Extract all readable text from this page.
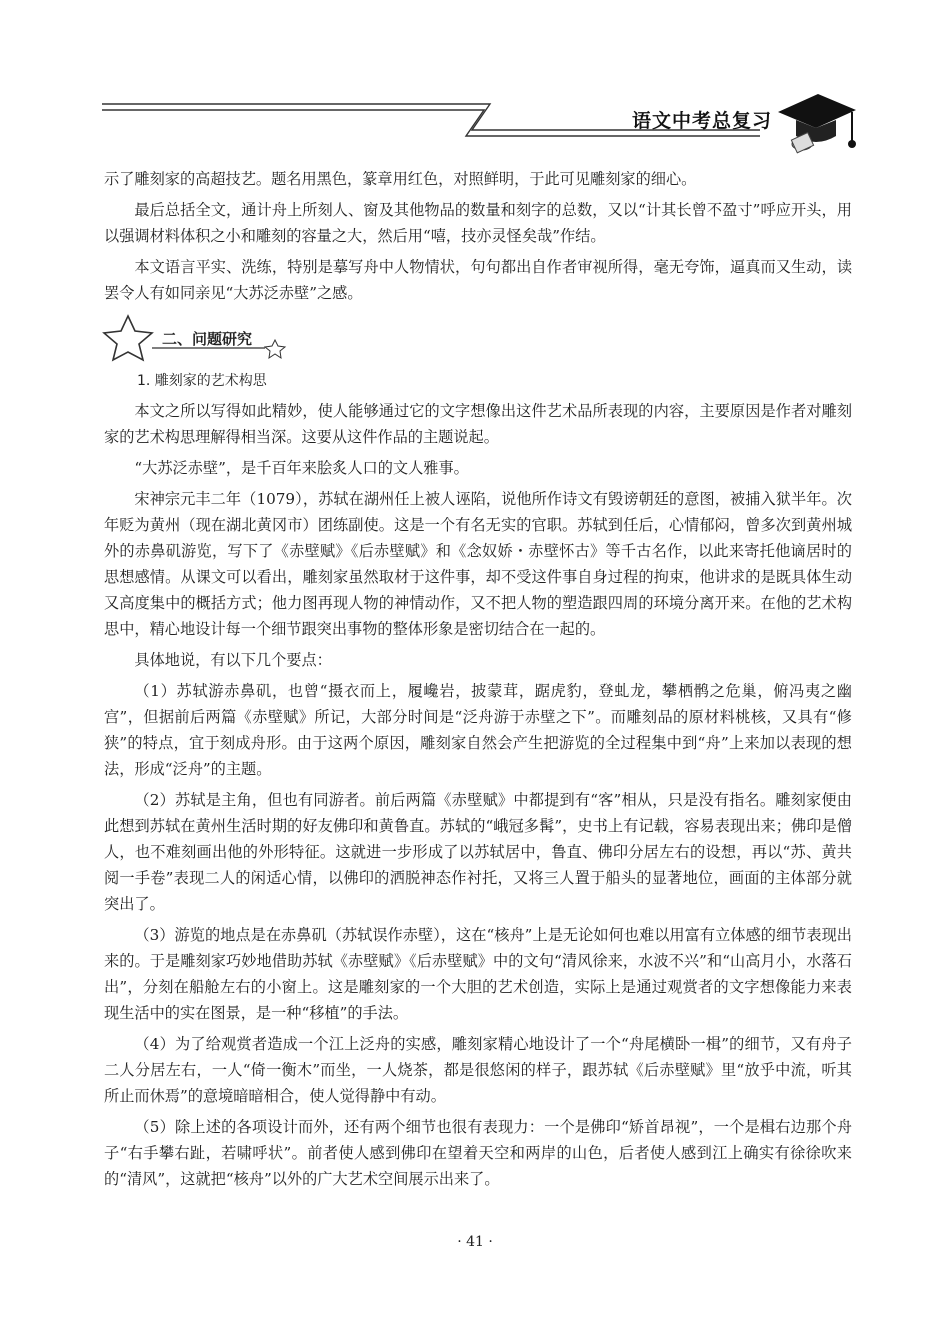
语文中考总复习

示了雕刻家的高超技艺。题名用黑色，篆章用红色，对照鲜明，于此可见雕刻家的细心。

最后总括全文，通计舟上所刻人、窗及其他物品的数量和刻字的总数，又以“计其长曾不盈寸”呼应开头，用以强调材料体积之小和雕刻的容量之大，然后用“嘻，技亦灵怪矣哉”作结。

本文语言平实、洗练，特别是摹写舟中人物情状，句句都出自作者审视所得，毫无夸饰，逼真而又生动，读罢令人有如同亲见“大苏泛赤壁”之感。

二、问题研究

1. 雕刻家的艺术构思

本文之所以写得如此精妙，使人能够通过它的文字想像出这件艺术品所表现的内容，主要原因是作者对雕刻家的艺术构思理解得相当深。这要从这件作品的主题说起。

“大苏泛赤壁”，是千百年来脍炙人口的文人雅事。

宋神宗元丰二年（1079），苏轼在湖州任上被人诬陷，说他所作诗文有毁谤朝廷的意图，被捕入狱半年。次年贬为黄州（现在湖北黄冈市）团练副使。这是一个有名无实的官职。苏轼到任后，心情郁闷，曾多次到黄州城外的赤鼻矶游览，写下了《赤壁赋》《后赤壁赋》和《念奴娇・赤壁怀古》等千古名作，以此来寄托他谪居时的思想感情。从课文可以看出，雕刻家虽然取材于这件事，却不受这件事自身过程的拘束，他讲求的是既具体生动又高度集中的概括方式；他力图再现人物的神情动作，又不把人物的塑造跟四周的环境分离开来。在他的艺术构思中，精心地设计每一个细节跟突出事物的整体形象是密切结合在一起的。

具体地说，有以下几个要点：

（1）苏轼游赤鼻矶，也曾“摄衣而上，履巉岩，披蒙茸，踞虎豹，登虬龙，攀栖鹘之危巢，俯冯夷之幽宫”，但据前后两篇《赤壁赋》所记，大部分时间是“泛舟游于赤壁之下”。而雕刻品的原材料桃核，又具有“修狭”的特点，宜于刻成舟形。由于这两个原因，雕刻家自然会产生把游览的全过程集中到“舟”上来加以表现的想法，形成“泛舟”的主题。

（2）苏轼是主角，但也有同游者。前后两篇《赤壁赋》中都提到有“客”相从，只是没有指名。雕刻家便由此想到苏轼在黄州生活时期的好友佛印和黄鲁直。苏轼的“峨冠多髯”，史书上有记载，容易表现出来；佛印是僧人，也不难刻画出他的外形特征。这就进一步形成了以苏轼居中，鲁直、佛印分居左右的设想，再以“苏、黄共阅一手卷”表现二人的闲适心情，以佛印的洒脱神态作衬托，又将三人置于船头的显著地位，画面的主体部分就突出了。

（3）游览的地点是在赤鼻矶（苏轼误作赤壁），这在“核舟”上是无论如何也难以用富有立体感的细节表现出来的。于是雕刻家巧妙地借助苏轼《赤壁赋》《后赤壁赋》中的文句“清风徐来，水波不兴”和“山高月小，水落石出”，分刻在船舱左右的小窗上。这是雕刻家的一个大胆的艺术创造，实际上是通过观赏者的文字想像能力来表现生活中的实在图景，是一种“移植”的手法。

（4）为了给观赏者造成一个江上泛舟的实感，雕刻家精心地设计了一个“舟尾横卧一楫”的细节，又有舟子二人分居左右，一人“倚一衡木”而坐，一人烧茶，都是很悠闲的样子，跟苏轼《后赤壁赋》里“放乎中流，听其所止而休焉”的意境暗暗相合，使人觉得静中有动。

（5）除上述的各项设计而外，还有两个细节也很有表现力：一个是佛印“矫首昂视”，一个是楫右边那个舟子“右手攀右趾，若啸呼状”。前者使人感到佛印在望着天空和两岸的山色，后者使人感到江上确实有徐徐吹来的“清风”，这就把“核舟”以外的广大艺术空间展示出来了。

· 41 ·
